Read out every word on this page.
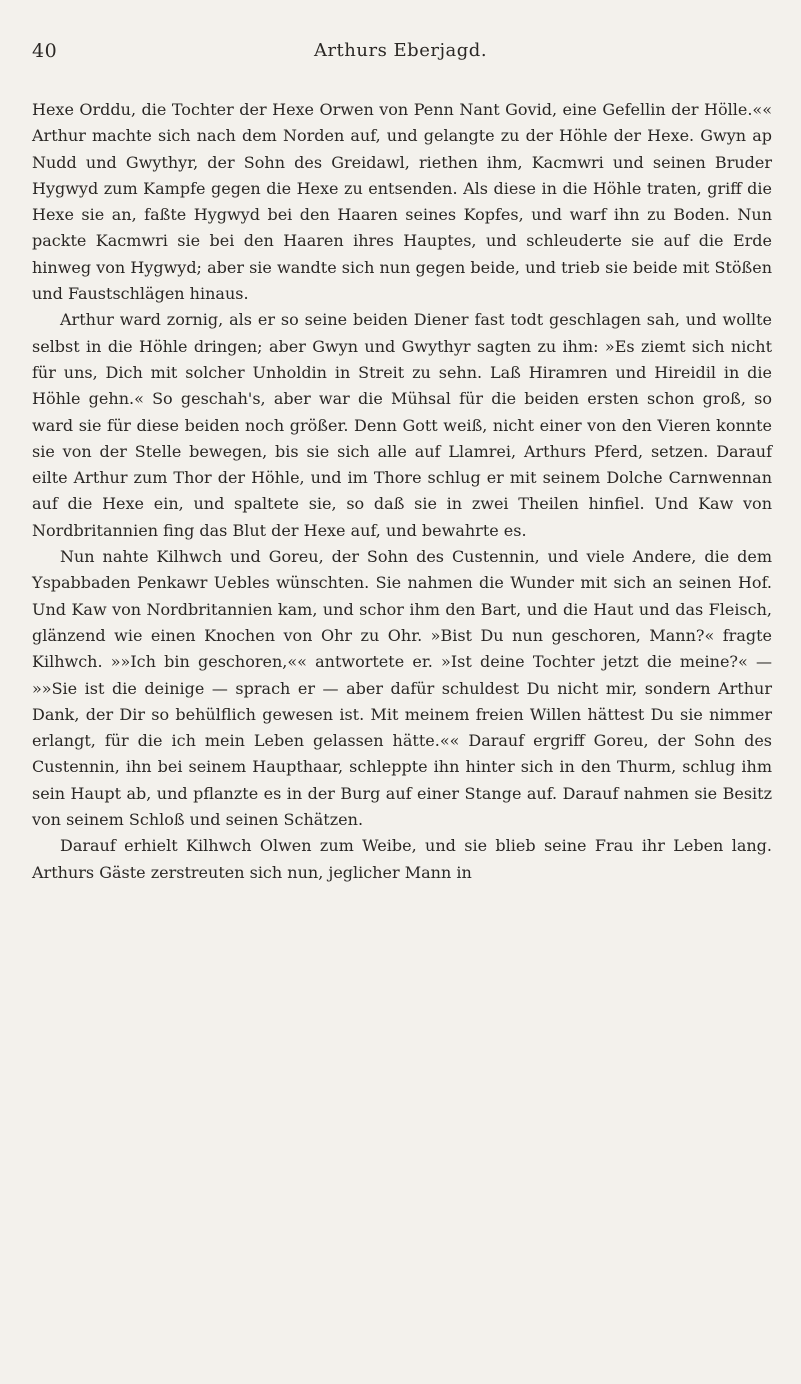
40	Arthurs Eberjagd.

Hexe Orddu, die Tochter der Hexe Orwen von Penn Nant Govid, eine Gefellin der Hölle.«« Arthur machte sich nach dem Norden auf, und gelangte zu der Höhle der Hexe. Gwyn ap Nudd und Gwythyr, der Sohn des Greidawl, riethen ihm, Kacmwri und seinen Bruder Hygwyd zum Kampfe gegen die Hexe zu entsenden. Als diese in die Höhle traten, griff die Hexe sie an, faßte Hygwyd bei den Haaren seines Kopfes, und warf ihn zu Boden. Nun packte Kacmwri sie bei den Haaren ihres Hauptes, und schleuderte sie auf die Erde hinweg von Hygwyd; aber sie wandte sich nun gegen beide, und trieb sie beide mit Stößen und Faustschlägen hinaus.

Arthur ward zornig, als er so seine beiden Diener fast todt geschlagen sah, und wollte selbst in die Höhle dringen; aber Gwyn und Gwythyr sagten zu ihm: »Es ziemt sich nicht für uns, Dich mit solcher Unholdin in Streit zu sehn. Laß Hiramren und Hireidil in die Höhle gehn.« So geschah's, aber war die Mühsal für die beiden ersten schon groß, so ward sie für diese beiden noch größer. Denn Gott weiß, nicht einer von den Vieren konnte sie von der Stelle bewegen, bis sie sich alle auf Llamrei, Arthurs Pferd, setzen. Darauf eilte Arthur zum Thor der Höhle, und im Thore schlug er mit seinem Dolche Carnwennan auf die Hexe ein, und spaltete sie, so daß sie in zwei Theilen hinfiel. Und Kaw von Nordbritannien fing das Blut der Hexe auf, und bewahrte es.

Nun nahte Kilhwch und Goreu, der Sohn des Custennin, und viele Andere, die dem Yspabbaden Penkawr Uebles wünschten. Sie nahmen die Wunder mit sich an seinen Hof. Und Kaw von Nordbritannien kam, und schor ihm den Bart, und die Haut und das Fleisch, glänzend wie einen Knochen von Ohr zu Ohr. »Bist Du nun geschoren, Mann?« fragte Kilhwch. »»Ich bin geschoren,«« antwortete er. »Ist deine Tochter jetzt die meine?« — »»Sie ist die deinige — sprach er — aber dafür schuldest Du nicht mir, sondern Arthur Dank, der Dir so behülflich gewesen ist. Mit meinem freien Willen hättest Du sie nimmer erlangt, für die ich mein Leben gelassen hätte.«« Darauf ergriff Goreu, der Sohn des Custennin, ihn bei seinem Haupthaar, schleppte ihn hinter sich in den Thurm, schlug ihm sein Haupt ab, und pflanzte es in der Burg auf einer Stange auf. Darauf nahmen sie Besitz von seinem Schloß und seinen Schätzen.

Darauf erhielt Kilhwch Olwen zum Weibe, und sie blieb seine Frau ihr Leben lang. Arthurs Gäste zerstreuten sich nun, jeglicher Mann in
